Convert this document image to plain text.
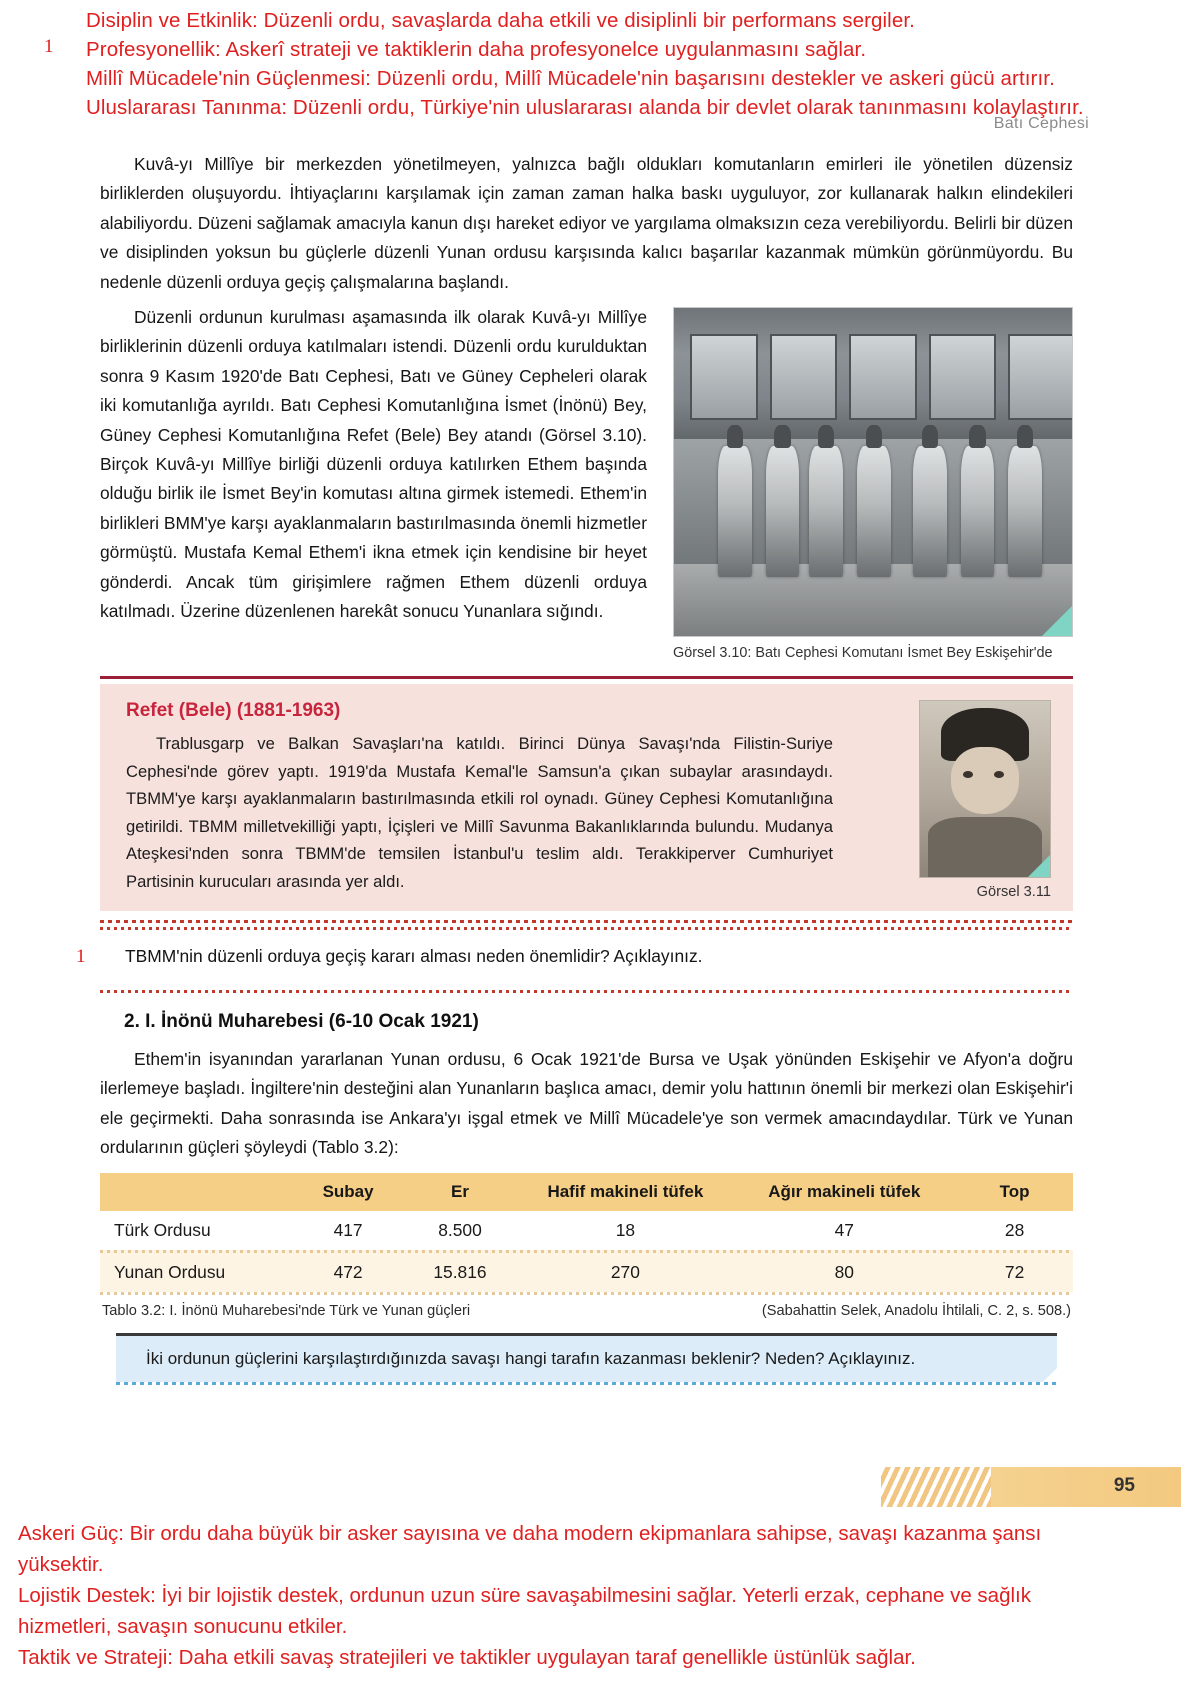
Disiplin ve Etkinlik: Düzenli ordu, savaşlarda daha etkili ve disiplinli bir performans sergiler.
Profesyonellik: Askerî strateji ve taktiklerin daha profesyonelce uygulanmasını sağlar.
Millî Mücadele'nin Güçlenmesi: Düzenli ordu, Millî Mücadele'nin başarısını destekler ve askeri gücü artırır.
Uluslararası Tanınma: Düzenli ordu, Türkiye'nin uluslararası alanda bir devlet olarak tanınmasını kolaylaştırır.
1
Batı Cephesi

Kuvâ-yı Millîye bir merkezden yönetilmeyen, yalnızca bağlı oldukları komutanların emirleri ile yönetilen düzensiz birliklerden oluşuyordu. İhtiyaçlarını karşılamak için zaman zaman halka baskı uyguluyor, zor kullanarak halkın elindekileri alabiliyordu. Düzeni sağlamak amacıyla kanun dışı hareket ediyor ve yargılama olmaksızın ceza verebiliyordu. Belirli bir düzen ve disiplinden yoksun bu güçlerle düzenli Yunan ordusu karşısında kalıcı başarılar kazanmak mümkün görünmüyordu. Bu nedenle düzenli orduya geçiş çalışmalarına başlandı.

Görsel 3.10: Batı Cephesi Komutanı İsmet Bey Eskişehir'de

Düzenli ordunun kurulması aşamasında ilk olarak Kuvâ-yı Millîye birliklerinin düzenli orduya katılmaları istendi. Düzenli ordu kurulduktan sonra 9 Kasım 1920'de Batı Cephesi, Batı ve Güney Cepheleri olarak iki komutanlığa ayrıldı. Batı Cephesi Komutanlığına İsmet (İnönü) Bey, Güney Cephesi Komutanlığına Refet (Bele) Bey atandı (Görsel 3.10). Birçok Kuvâ-yı Millîye birliği düzenli orduya katılırken Ethem başında olduğu birlik ile İsmet Bey'in komutası altına girmek istemedi. Ethem'in birlikleri BMM'ye karşı ayaklanmaların bastırılmasında önemli hizmetler görmüştü. Mustafa Kemal Ethem'i ikna etmek için kendisine bir heyet gönderdi. Ancak tüm girişimlere rağmen Ethem düzenli orduya katılmadı. Üzerine düzenlenen harekât sonucu Yunanlara sığındı.

Refet (Bele) (1881-1963)

Trablusgarp ve Balkan Savaşları'na katıldı. Birinci Dünya Savaşı'nda Filistin-Suriye Cephesi'nde görev yaptı. 1919'da Mustafa Kemal'le Samsun'a çıkan subaylar arasındaydı. TBMM'ye karşı ayaklanmaların bastırılmasında etkili rol oynadı. Güney Cephesi Komutanlığına getirildi. TBMM milletvekilliği yaptı, İçişleri ve Millî Savunma Bakanlıklarında bulundu. Mudanya Ateşkesi'nden sonra TBMM'de temsilen İstanbul'u teslim aldı. Terakkiperver Cumhuriyet Partisinin kurucuları arasında yer aldı.

Görsel 3.11
1 TBMM'nin düzenli orduya geçiş kararı alması neden önemlidir? Açıklayınız.
2. I. İnönü Muharebesi (6-10 Ocak 1921)

Ethem'in isyanından yararlanan Yunan ordusu, 6 Ocak 1921'de Bursa ve Uşak yönünden Eskişehir ve Afyon'a doğru ilerlemeye başladı. İngiltere'nin desteğini alan Yunanların başlıca amacı, demir yolu hattının önemli bir merkezi olan Eskişehir'i ele geçirmekti. Daha sonrasında ise Ankara'yı işgal etmek ve Millî Mücadele'ye son vermek amacındaydılar. Türk ve Yunan ordularının güçleri şöyleydi (Tablo 3.2):

	Subay	Er	Hafif makineli tüfek	Ağır makineli tüfek	Top
Türk Ordusu	417	8.500	18	47	28

Yunan Ordusu	472	15.816	270	80	72
Tablo 3.2: I. İnönü Muharebesi'nde Türk ve Yunan güçleri	(Sabahattin Selek, Anadolu İhtilali, C. 2, s. 508.)
İki ordunun güçlerini karşılaştırdığınızda savaşı hangi tarafın kazanması beklenir? Neden? Açıklayınız.
95
Askeri Güç: Bir ordu daha büyük bir asker sayısına ve daha modern ekipmanlara sahipse, savaşı kazanma şansı
yüksektir.
Lojistik Destek: İyi bir lojistik destek, ordunun uzun süre savaşabilmesini sağlar. Yeterli erzak, cephane ve sağlık
hizmetleri, savaşın sonucunu etkiler.
Taktik ve Strateji: Daha etkili savaş stratejileri ve taktikler uygulayan taraf genellikle üstünlük sağlar.
